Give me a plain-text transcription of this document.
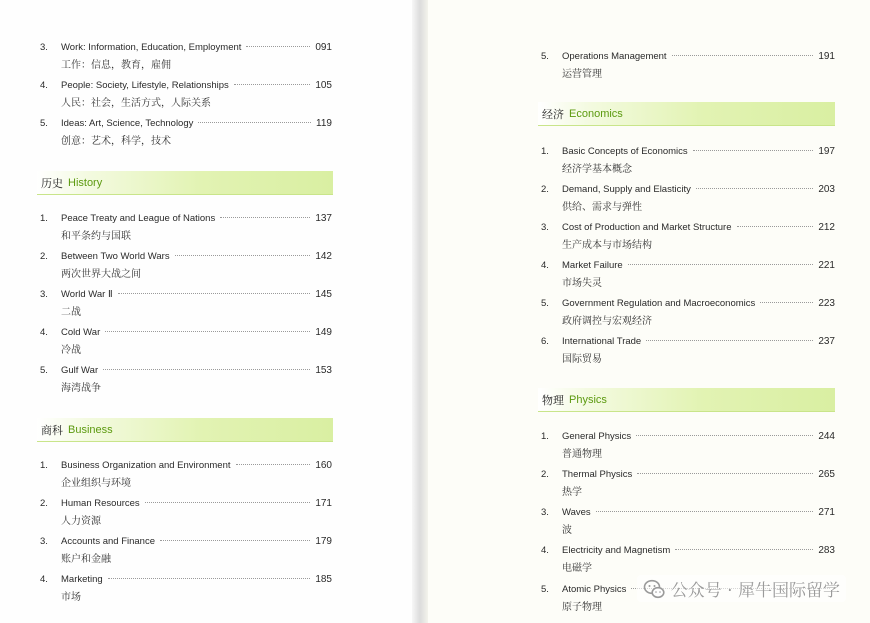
3.	Work: Information, Education, Employment	091
工作：信息，教育，雇佣
4.	People: Society, Lifestyle, Relationships	105
人民：社会，生活方式，人际关系
5.	Ideas: Art, Science, Technology	119
创意：艺术，科学，技术
历史 History
1.	Peace Treaty and League of Nations	137
和平条约与国联
2.	Between Two World Wars	142
两次世界大战之间
3.	World War Ⅱ	145
二战
4.	Cold War	149
冷战
5.	Gulf War	153
海湾战争
商科 Business
1.	Business Organization and Environment	160
企业组织与环境
2.	Human Resources	171
人力资源
3.	Accounts and Finance	179
账户和金融
4.	Marketing	185
市场
5.	Operations Management	191
运营管理
经济 Economics
1.	Basic Concepts of Economics	197
经济学基本概念
2.	Demand, Supply and Elasticity	203
供给、需求与弹性
3.	Cost of Production and Market Structure	212
生产成本与市场结构
4.	Market Failure	221
市场失灵
5.	Government Regulation and Macroeconomics	223
政府调控与宏观经济
6.	International Trade	237
国际贸易
物理 Physics
1.	General Physics	244
普通物理
2.	Thermal Physics	265
热学
3.	Waves	271
波
4.	Electricity and Magnetism	283
电磁学
5.	Atomic Physics
原子物理
公众号 · 犀牛国际留学
